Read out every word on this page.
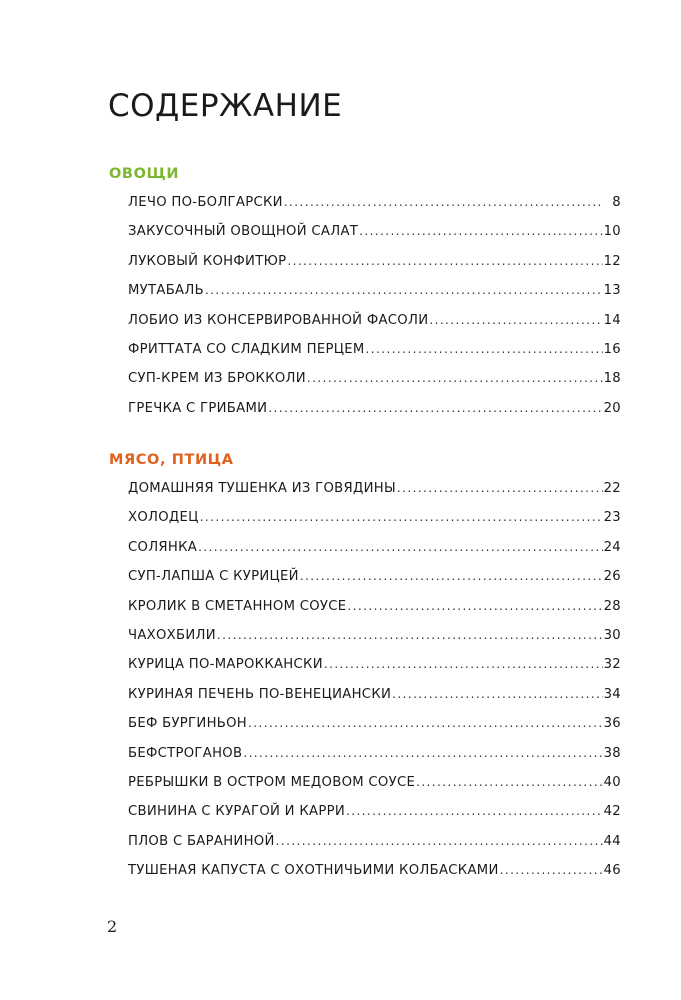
СОДЕРЖАНИЕ
ОВОЩИ
ЛЕЧО ПО-БОЛГАРСКИ . . .	8
ЗАКУСОЧНЫЙ ОВОЩНОЙ САЛАТ . . .	10
ЛУКОВЫЙ КОНФИТЮР . . .	12
МУТАБАЛЬ . . .	13
ЛОБИО ИЗ КОНСЕРВИРОВАННОЙ ФАСОЛИ . . .	14
ФРИТТАТА СО СЛАДКИМ ПЕРЦЕМ . . .	16
СУП-КРЕМ ИЗ БРОККОЛИ . . .	18
ГРЕЧКА С ГРИБАМИ . . .	20
МЯСО, ПТИЦА
ДОМАШНЯЯ ТУШЕНКА ИЗ ГОВЯДИНЫ . . .	22
ХОЛОДЕЦ . . .	23
СОЛЯНКА . . .	24
СУП-ЛАПША С КУРИЦЕЙ . . .	26
КРОЛИК В СМЕТАННОМ СОУСЕ . . .	28
ЧАХОХБИЛИ . . .	30
КУРИЦА ПО-МАРОККАНСКИ . . .	32
КУРИНАЯ ПЕЧЕНЬ ПО-ВЕНЕЦИАНСКИ . . .	34
БЕФ БУРГИНЬОН . . .	36
БЕФСТРОГАНОВ . . .	38
РЕБРЫШКИ В ОСТРОМ МЕДОВОМ СОУСЕ . . .	40
СВИНИНА С КУРАГОЙ И КАРРИ . . .	42
ПЛОВ С БАРАНИНОЙ . . .	44
ТУШЕНАЯ КАПУСТА С ОХОТНИЧЬИМИ КОЛБАСКАМИ . . .	46
2
